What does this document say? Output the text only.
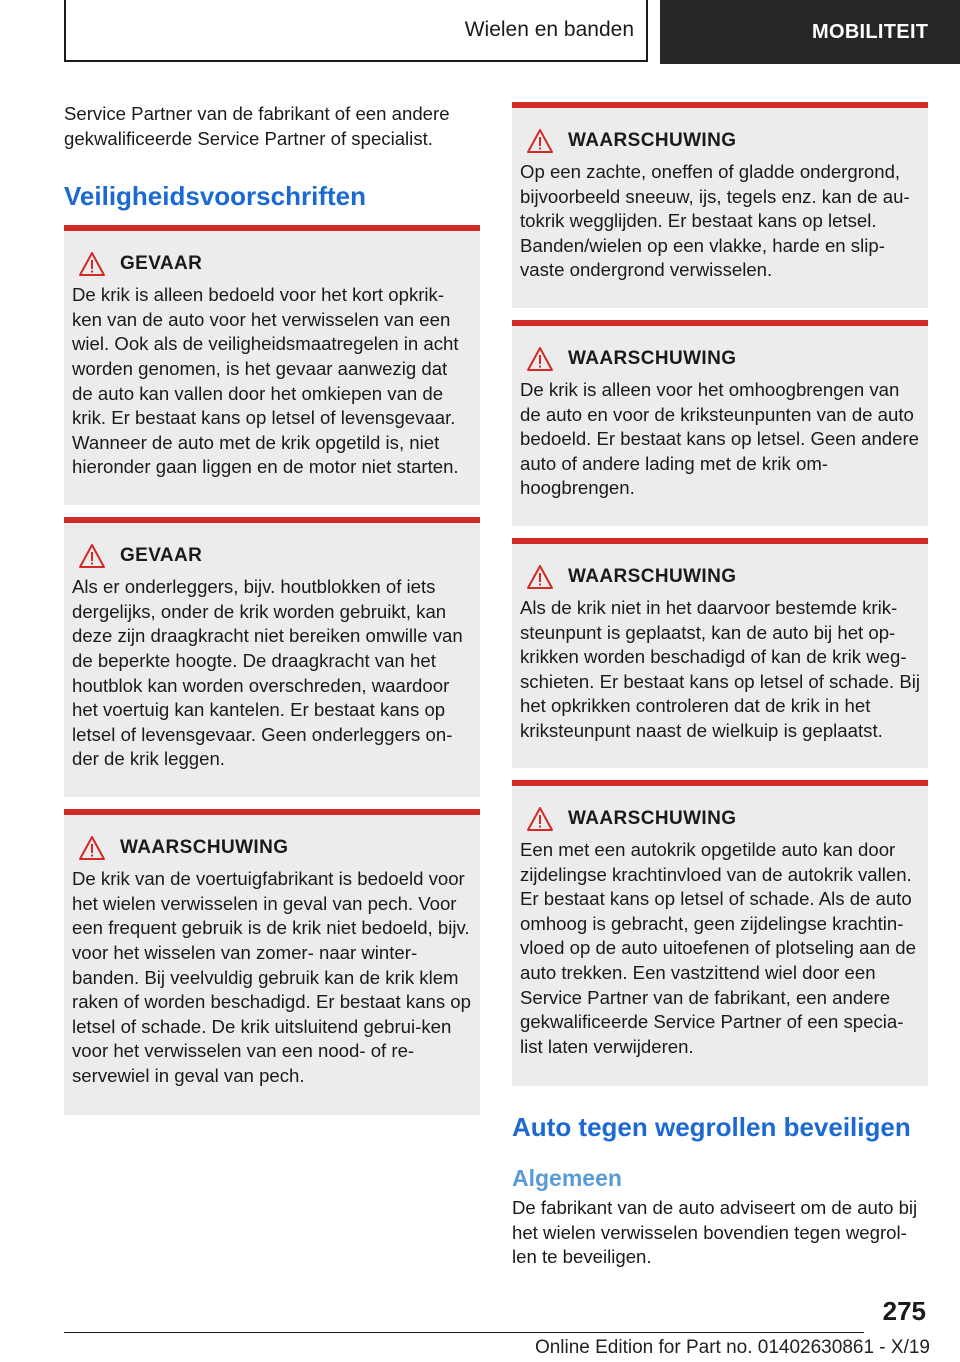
Wielen en banden	MOBILITEIT

Service Partner van de fabrikant of een andere gekwalificeerde Service Partner of specialist.

Veiligheidsvoorschriften
GEVAAR

De krik is alleen bedoeld voor het kort opkrik-ken van de auto voor het verwisselen van een wiel. Ook als de veiligheidsmaatregelen in acht worden genomen, is het gevaar aanwezig dat de auto kan vallen door het omkiepen van de krik. Er bestaat kans op letsel of levensgevaar. Wanneer de auto met de krik opgetild is, niet hieronder gaan liggen en de motor niet starten.

GEVAAR

Als er onderleggers, bijv. houtblokken of iets dergelijks, onder de krik worden gebruikt, kan deze zijn draagkracht niet bereiken omwille van de beperkte hoogte. De draagkracht van het houtblok kan worden overschreden, waardoor het voertuig kan kantelen. Er bestaat kans op letsel of levensgevaar. Geen onderleggers on-der de krik leggen.

WAARSCHUWING

De krik van de voertuigfabrikant is bedoeld voor het wielen verwisselen in geval van pech. Voor een frequent gebruik is de krik niet bedoeld, bijv. voor het wisselen van zomer- naar winter-banden. Bij veelvuldig gebruik kan de krik klem raken of worden beschadigd. Er bestaat kans op letsel of schade. De krik uitsluitend gebrui-ken voor het verwisselen van een nood- of re-servewiel in geval van pech.

WAARSCHUWING

Op een zachte, oneffen of gladde ondergrond, bijvoorbeeld sneeuw, ijs, tegels enz. kan de au-tokrik wegglijden. Er bestaat kans op letsel. Banden/wielen op een vlakke, harde en slip-vaste ondergrond verwisselen.

WAARSCHUWING

De krik is alleen voor het omhoogbrengen van de auto en voor de kriksteunpunten van de auto bedoeld. Er bestaat kans op letsel. Geen andere auto of andere lading met de krik om-hoogbrengen.

WAARSCHUWING

Als de krik niet in het daarvoor bestemde krik-steunpunt is geplaatst, kan de auto bij het op-krikken worden beschadigd of kan de krik weg-schieten. Er bestaat kans op letsel of schade. Bij het opkrikken controleren dat de krik in het kriksteunpunt naast de wielkuip is geplaatst.

WAARSCHUWING

Een met een autokrik opgetilde auto kan door zijdelingse krachtinvloed van de autokrik vallen. Er bestaat kans op letsel of schade. Als de auto omhoog is gebracht, geen zijdelingse krachtin-vloed op de auto uitoefenen of plotseling aan de auto trekken. Een vastzittend wiel door een Service Partner van de fabrikant, een andere gekwalificeerde Service Partner of een specia-list laten verwijderen.

Auto tegen wegrollen beveiligen
Algemeen

De fabrikant van de auto adviseert om de auto bij het wielen verwisselen bovendien tegen wegrol-len te beveiligen.

275
Online Edition for Part no. 01402630861 - X/19
